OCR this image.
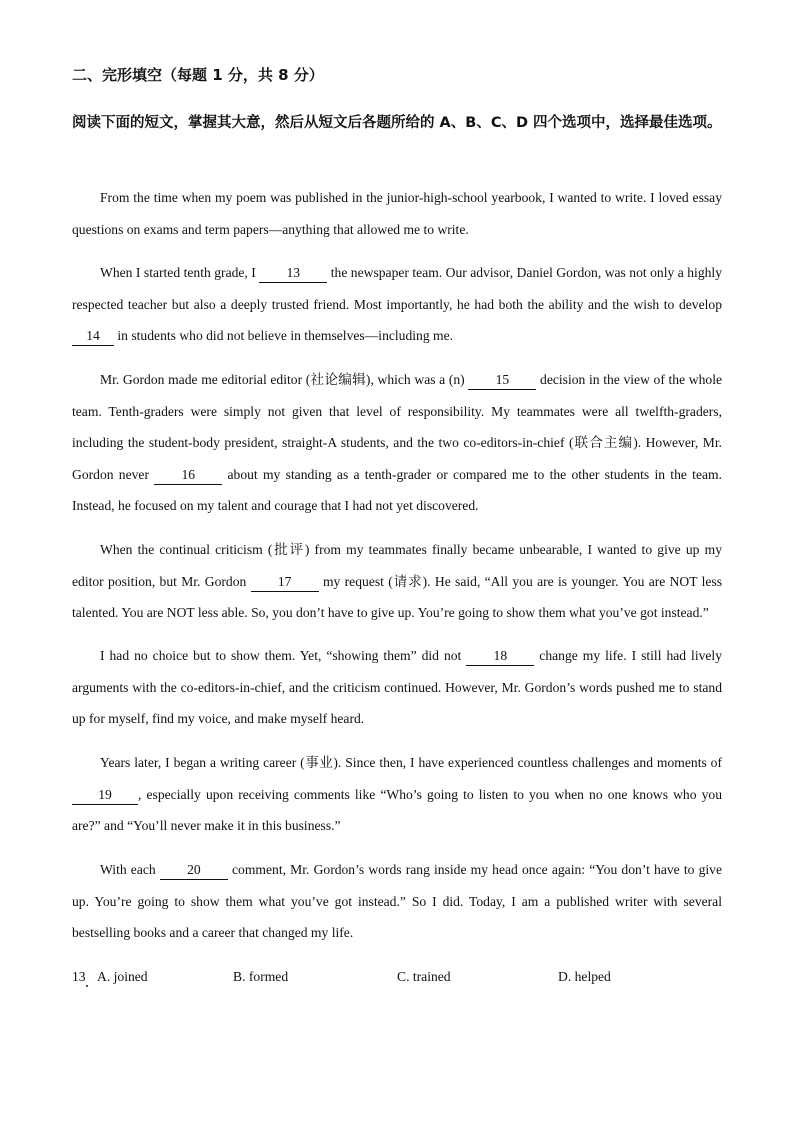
二、完形填空（每题 1 分，共 8 分）

阅读下面的短文，掌握其大意，然后从短文后各题所给的 A、B、C、D 四个选项中，选择最佳选项。

From the time when my poem was published in the junior-high-school yearbook, I wanted to write. I loved essay questions on exams and term papers—anything that allowed me to write.

When I started tenth grade, I 13 the newspaper team. Our advisor, Daniel Gordon, was not only a highly respected teacher but also a deeply trusted friend. Most importantly, he had both the ability and the wish to develop 14 in students who did not believe in themselves—including me.

Mr. Gordon made me editorial editor (社论编辑), which was a (n) 15 decision in the view of the whole team. Tenth-graders were simply not given that level of responsibility. My teammates were all twelfth-graders, including the student-body president, straight-A students, and the two co-editors-in-chief (联合主编). However, Mr. Gordon never 16 about my standing as a tenth-grader or compared me to the other students in the team. Instead, he focused on my talent and courage that I had not yet discovered.

When the continual criticism (批评) from my teammates finally became unbearable, I wanted to give up my editor position, but Mr. Gordon 17 my request (请求). He said, “All you are is younger. You are NOT less talented. You are NOT less able. So, you don’t have to give up. You’re going to show them what you’ve got instead.”

I had no choice but to show them. Yet, “showing them” did not 18 change my life. I still had lively arguments with the co-editors-in-chief, and the criticism continued. However, Mr. Gordon’s words pushed me to stand up for myself, find my voice, and make myself heard.

Years later, I began a writing career (事业). Since then, I have experienced countless challenges and moments of 19 , especially upon receiving comments like “Who’s going to listen to you when no one knows who you are?” and “You’ll never make it in this business.”

With each 20 comment, Mr. Gordon’s words rang inside my head once again: “You don’t have to give up. You’re going to show them what you’ve got instead.” So I did. Today, I am a published writer with several bestselling books and a career that changed my life.

13 A. joined	B. formed	C. trained	D. helped
